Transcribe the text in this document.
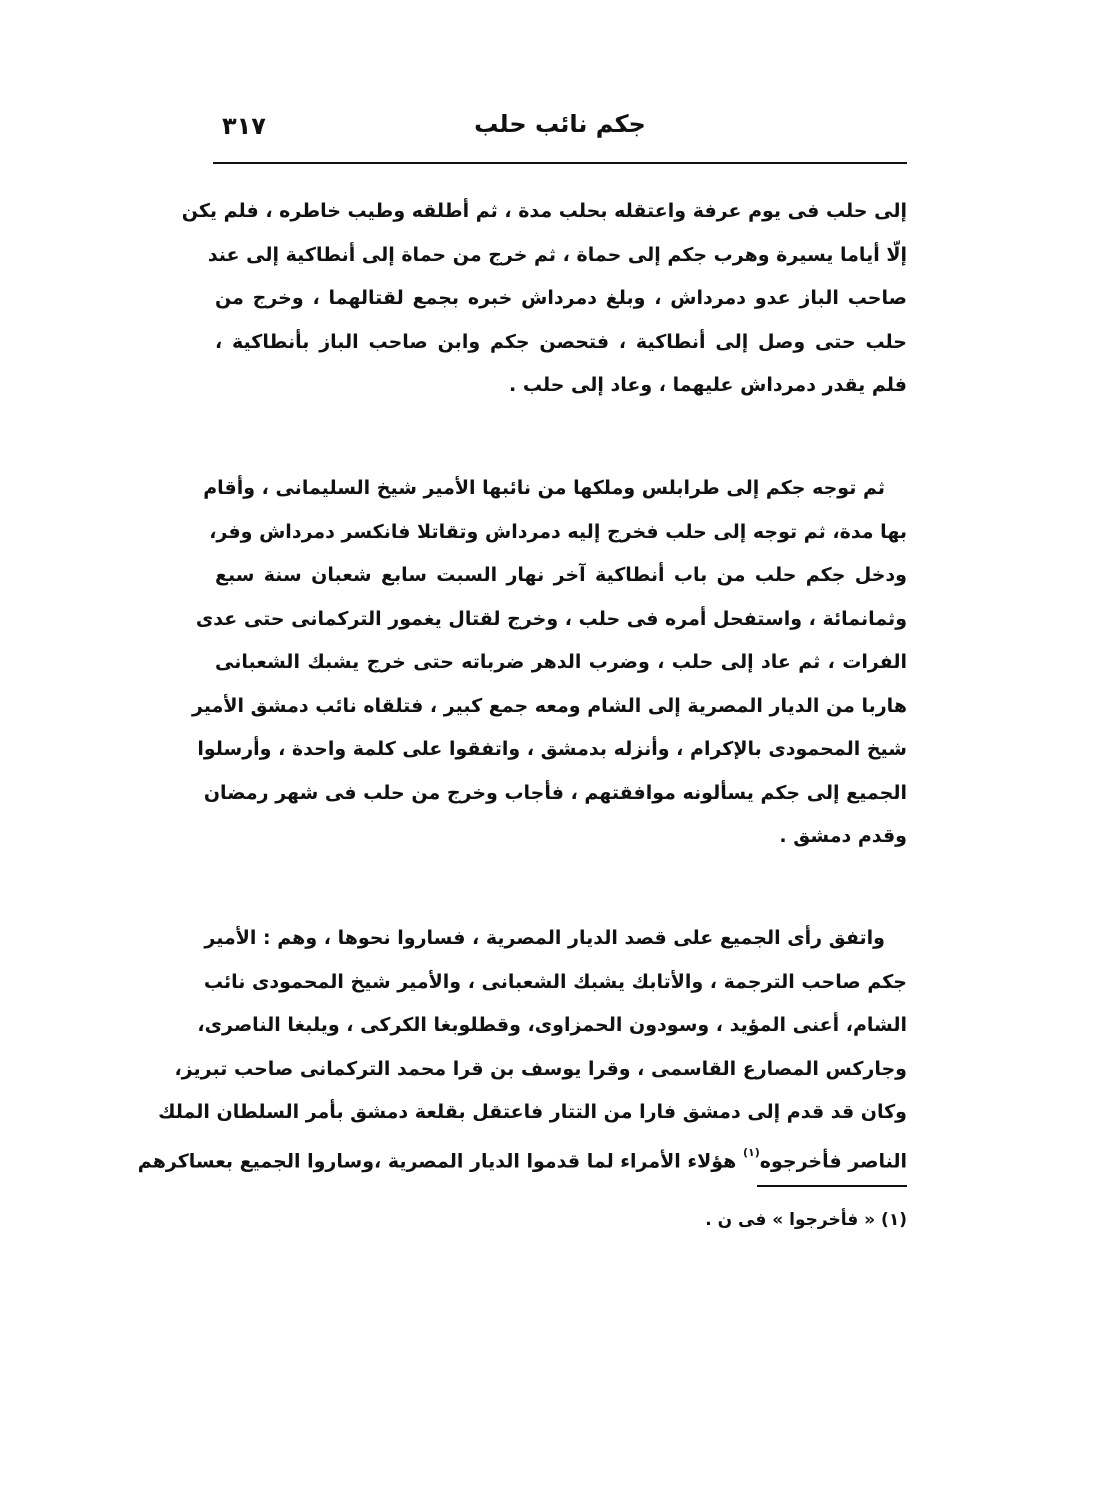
٣١٧	جكم نائب حلب
إلى حلب فى يوم عرفة واعتقله بحلب مدة ، ثم أطلقه وطيب خاطره ، فلم يكن
إلّا أياما يسيرة وهرب جكم إلى حماة ، ثم خرج من حماة إلى أنطاكية إلى عند
صاحب الباز عدو دمرداش ، وبلغ دمرداش خبره بجمع لقتالهما ، وخرج من
حلب حتى وصل إلى أنطاكية ، فتحصن جكم وابن صاحب الباز بأنطاكية ،
فلم يقدر دمرداش عليهما ، وعاد إلى حلب .
ثم توجه جكم إلى طرابلس وملكها من نائبها الأمير شيخ السليمانى ، وأقام
بها مدة، ثم توجه إلى حلب فخرج إليه دمرداش وتقاتلا فانكسر دمرداش وفر،
ودخل جكم حلب من باب أنطاكية آخر نهار السبت سابع شعبان سنة سبع
وثمانمائة ، واستفحل أمره فى حلب ، وخرج لقتال يغمور التركمانى حتى عدى
الفرات ، ثم عاد إلى حلب ، وضرب الدهر ضرباته حتى خرج يشبك الشعبانى
هاربا من الديار المصرية إلى الشام ومعه جمع كبير ، فتلقاه نائب دمشق الأمير
شيخ المحمودى بالإكرام ، وأنزله بدمشق ، واتفقوا على كلمة واحدة ، وأرسلوا
الجميع إلى جكم يسألونه موافقتهم ، فأجاب وخرج من حلب فى شهر رمضان
وقدم دمشق .
واتفق رأى الجميع على قصد الديار المصرية ، فساروا نحوها ، وهم : الأمير
جكم صاحب الترجمة ، والأتابك يشبك الشعبانى ، والأمير شيخ المحمودى نائب
الشام، أعنى المؤيد ، وسودون الحمزاوى، وقطلوبغا الكركى ، ويلبغا الناصرى،
وجاركس المصارع القاسمى ، وقرا يوسف بن قرا محمد التركمانى صاحب تبريز،
وكان قد قدم إلى دمشق فارا من التتار فاعتقل بقلعة دمشق بأمر السلطان الملك
الناصر فأخرجوه$^{(١)}$ هؤلاء الأمراء لما قدموا الديار المصرية ،وساروا الجميع بعساكرهم
(١) « فأخرجوا » فى ن .
